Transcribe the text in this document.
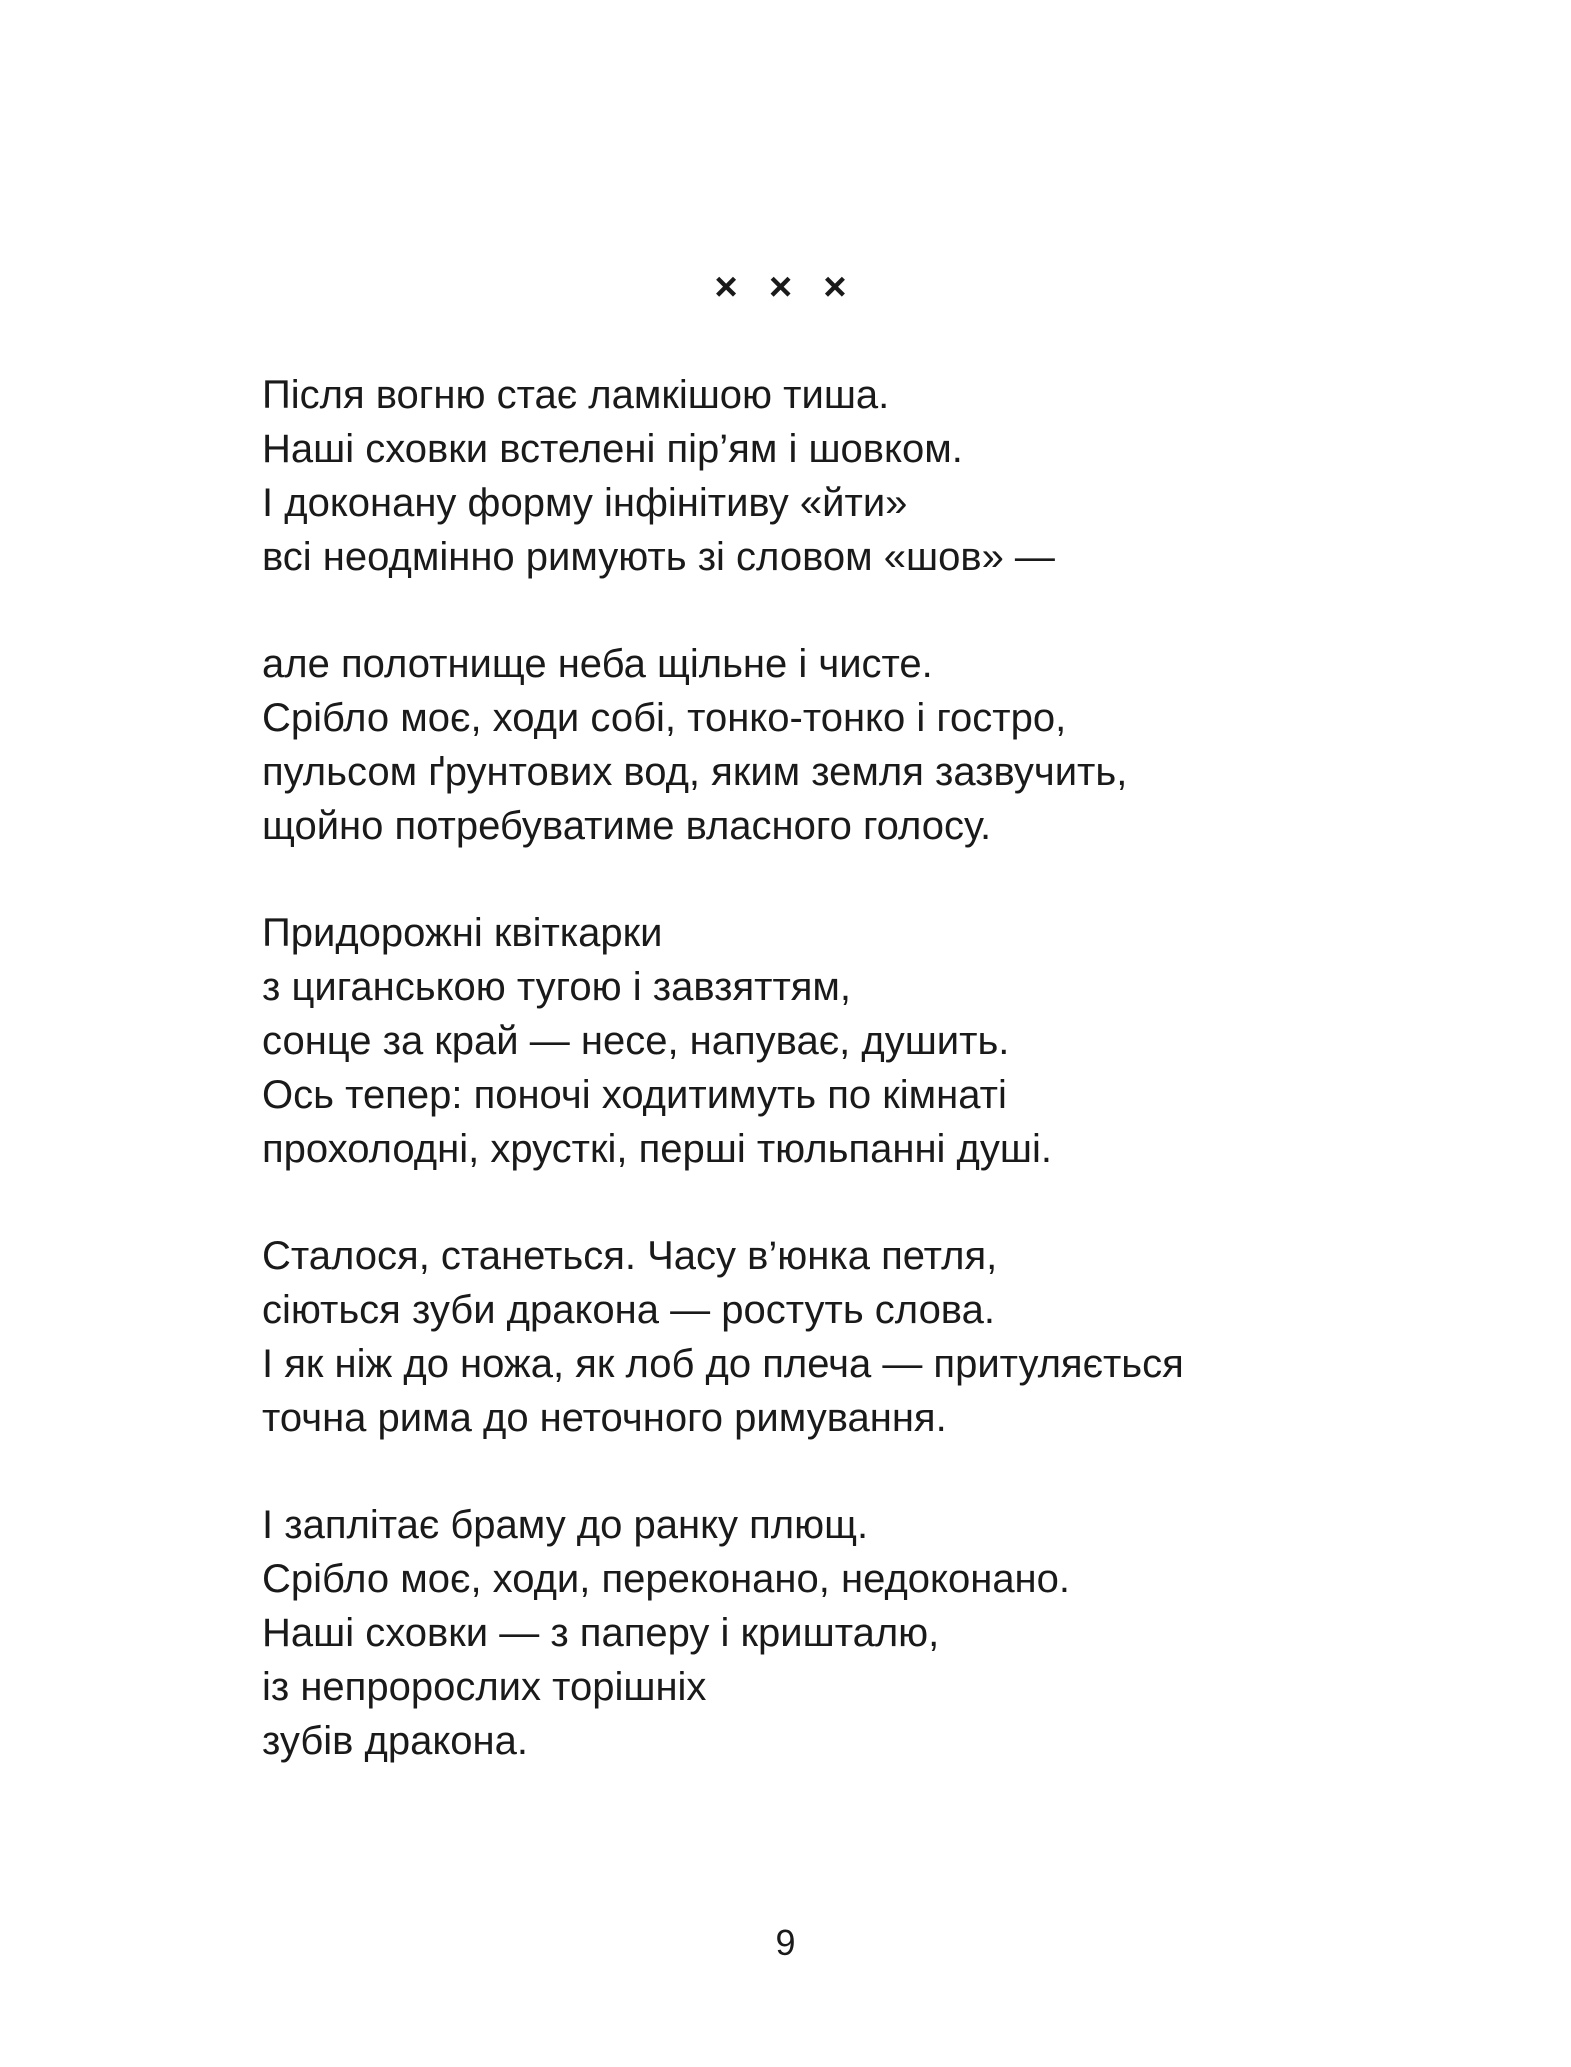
× × ×
Після вогню стає ламкішою тиша.
Наші сховки встелені пір’ям і шовком.
І доконану форму інфінітиву «йти»
всі неодмінно римують зі словом «шов» —
але полотнище неба щільне і чисте.
Срібло моє, ходи собі, тонко-тонко і гостро,
пульсом ґрунтових вод, яким земля зазвучить,
щойно потребуватиме власного голосу.
Придорожні квіткарки
з циганською тугою і завзяттям,
сонце за край — несе, напуває, душить.
Ось тепер: поночі ходитимуть по кімнаті
прохолодні, хрусткі, перші тюльпанні душі.
Сталося, станеться. Часу в’юнка петля,
сіються зуби дракона — ростуть слова.
І як ніж до ножа, як лоб до плеча — притуляється
точна рима до неточного римування.
І заплітає браму до ранку плющ.
Срібло моє, ходи, переконано, недоконано.
Наші сховки — з паперу і кришталю,
із непророслих торішніх
зубів дракона.
9
